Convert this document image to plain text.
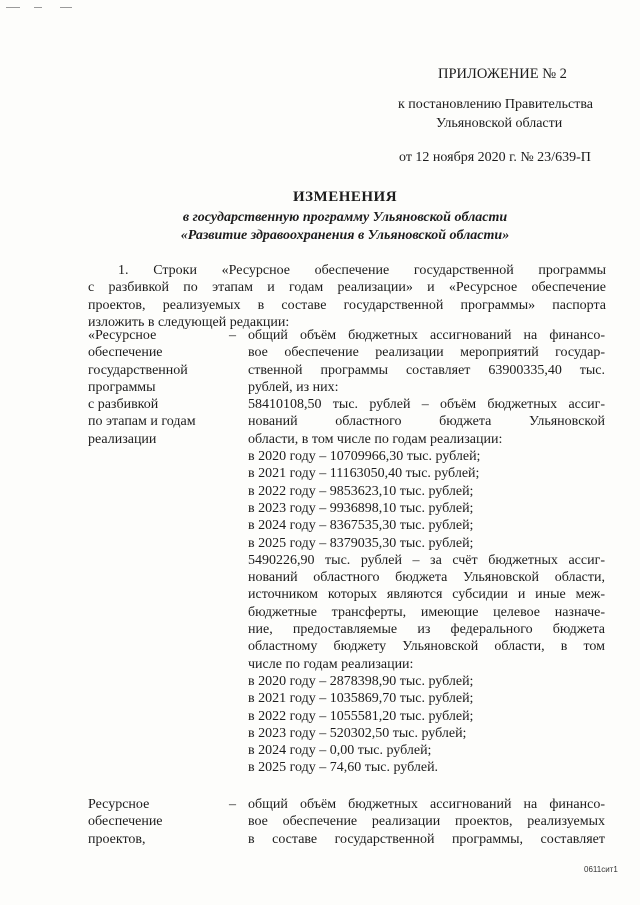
ПРИЛОЖЕНИЕ № 2
к постановлению Правительства
Ульяновской области
от 12 ноября 2020 г. № 23/639-П
ИЗМЕНЕНИЯ
в государственную программу Ульяновской области
«Развитие здравоохранения в Ульяновской области»
1. Строки «Ресурсное обеспечение государственной программы
с разбивкой по этапам и годам реализации» и «Ресурсное обеспечение
проектов, реализуемых в составе государственной программы» паспорта
изложить в следующей редакции:
«Ресурсное
обеспечение
государственной
программы
с разбивкой
по этапам и годам
реализации
– общий объём бюджетных ассигнований на финансо-
вое обеспечение реализации мероприятий государ-
ственной программы составляет 63900335,40 тыс.
рублей, из них:
58410108,50 тыс. рублей – объём бюджетных ассиг-
нований областного бюджета Ульяновской
области, в том числе по годам реализации:
в 2020 году – 10709966,30 тыс. рублей;
в 2021 году – 11163050,40 тыс. рублей;
в 2022 году – 9853623,10 тыс. рублей;
в 2023 году – 9936898,10 тыс. рублей;
в 2024 году – 8367535,30 тыс. рублей;
в 2025 году – 8379035,30 тыс. рублей;
5490226,90 тыс. рублей – за счёт бюджетных ассиг-
нований областного бюджета Ульяновской области,
источником которых являются субсидии и иные меж-
бюджетные трансферты, имеющие целевое назначе-
ние, предоставляемые из федерального бюджета
областному бюджету Ульяновской области, в том
числе по годам реализации:
в 2020 году – 2878398,90 тыс. рублей;
в 2021 году – 1035869,70 тыс. рублей;
в 2022 году – 1055581,20 тыс. рублей;
в 2023 году – 520302,50 тыс. рублей;
в 2024 году – 0,00 тыс. рублей;
в 2025 году – 74,60 тыс. рублей.
Ресурсное
обеспечение
проектов,
– общий объём бюджетных ассигнований на финансо-
вое обеспечение реализации проектов, реализуемых
в составе государственной программы, составляет
0611сит1
